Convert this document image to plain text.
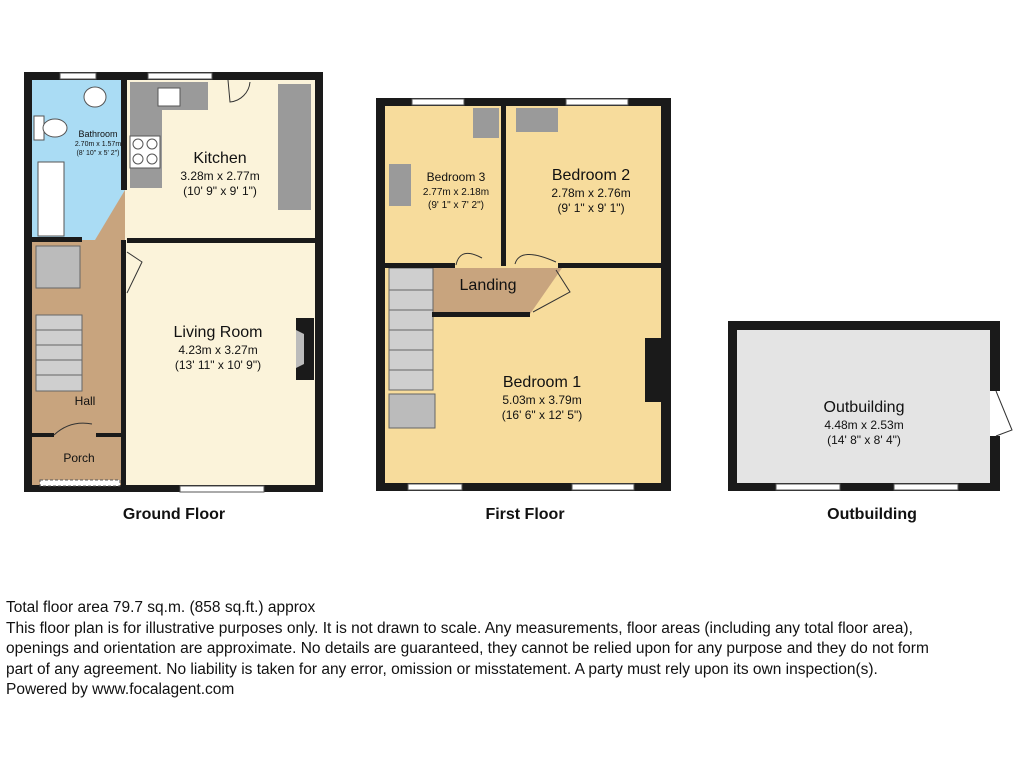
Bathroom
2.70m x 1.57m
(8' 10" x 5' 2")	Kitchen
3.28m x 2.77m
(10' 9" x 9' 1")
Living Room
4.23m x 3.27m
(13' 11" x 10' 9")
Hall
Porch
Bedroom 3
2.77m x 2.18m
(9' 1" x 7' 2")
Bedroom 2
2.78m x 2.76m
(9' 1" x 9' 1")
Landing
Bedroom 1
5.03m x 3.79m
(16' 6" x 12' 5")	Outbuilding
4.48m x 2.53m
(14' 8" x 8' 4")
Ground Floor	First Floor	Outbuilding
Total floor area 79.7 sq.m. (858 sq.ft.) approx
This floor plan is for illustrative purposes only. It is not drawn to scale. Any measurements, floor areas (including any total floor area),
openings and orientation are approximate. No details are guaranteed, they cannot be relied upon for any purpose and they do not form
part of any agreement. No liability is taken for any error, omission or misstatement. A party must rely upon its own inspection(s).
Powered by www.focalagent.com
